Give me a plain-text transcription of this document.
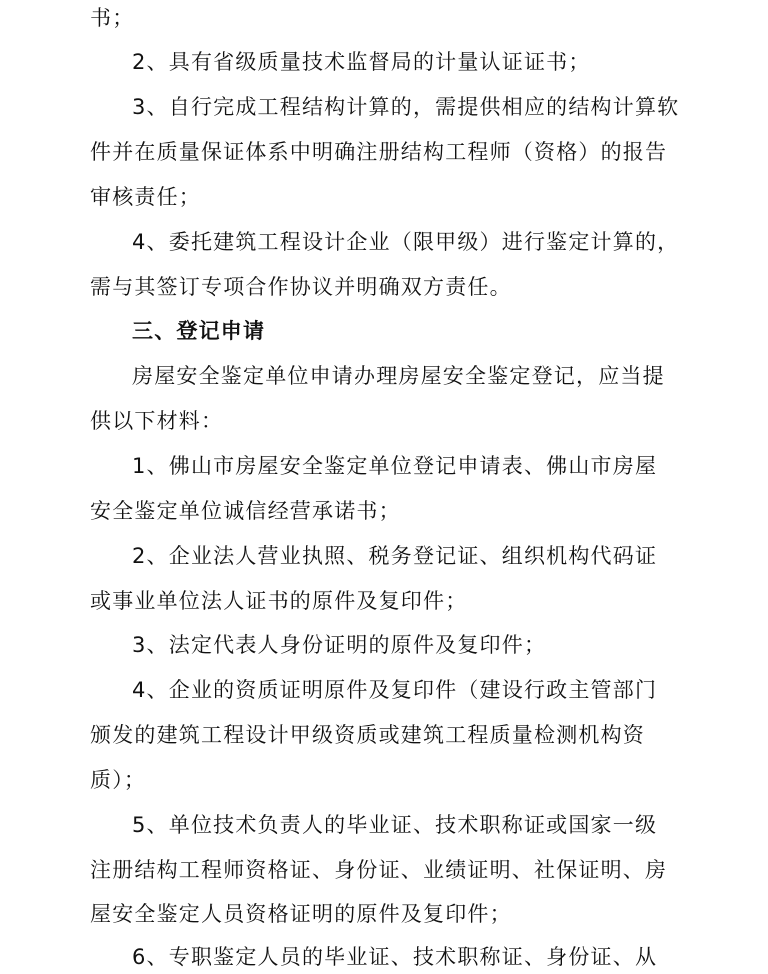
书；
2、具有省级质量技术监督局的计量认证证书；
3、自行完成工程结构计算的，需提供相应的结构计算软
件并在质量保证体系中明确注册结构工程师（资格）的报告
审核责任；
4、委托建筑工程设计企业（限甲级）进行鉴定计算的，
需与其签订专项合作协议并明确双方责任。
三、登记申请
房屋安全鉴定单位申请办理房屋安全鉴定登记，应当提
供以下材料：
1、佛山市房屋安全鉴定单位登记申请表、佛山市房屋
安全鉴定单位诚信经营承诺书；
2、企业法人营业执照、税务登记证、组织机构代码证
或事业单位法人证书的原件及复印件；
3、法定代表人身份证明的原件及复印件；
4、企业的资质证明原件及复印件（建设行政主管部门
颁发的建筑工程设计甲级资质或建筑工程质量检测机构资
质）；
5、单位技术负责人的毕业证、技术职称证或国家一级
注册结构工程师资格证、身份证、业绩证明、社保证明、房
屋安全鉴定人员资格证明的原件及复印件；
6、专职鉴定人员的毕业证、技术职称证、身份证、从
